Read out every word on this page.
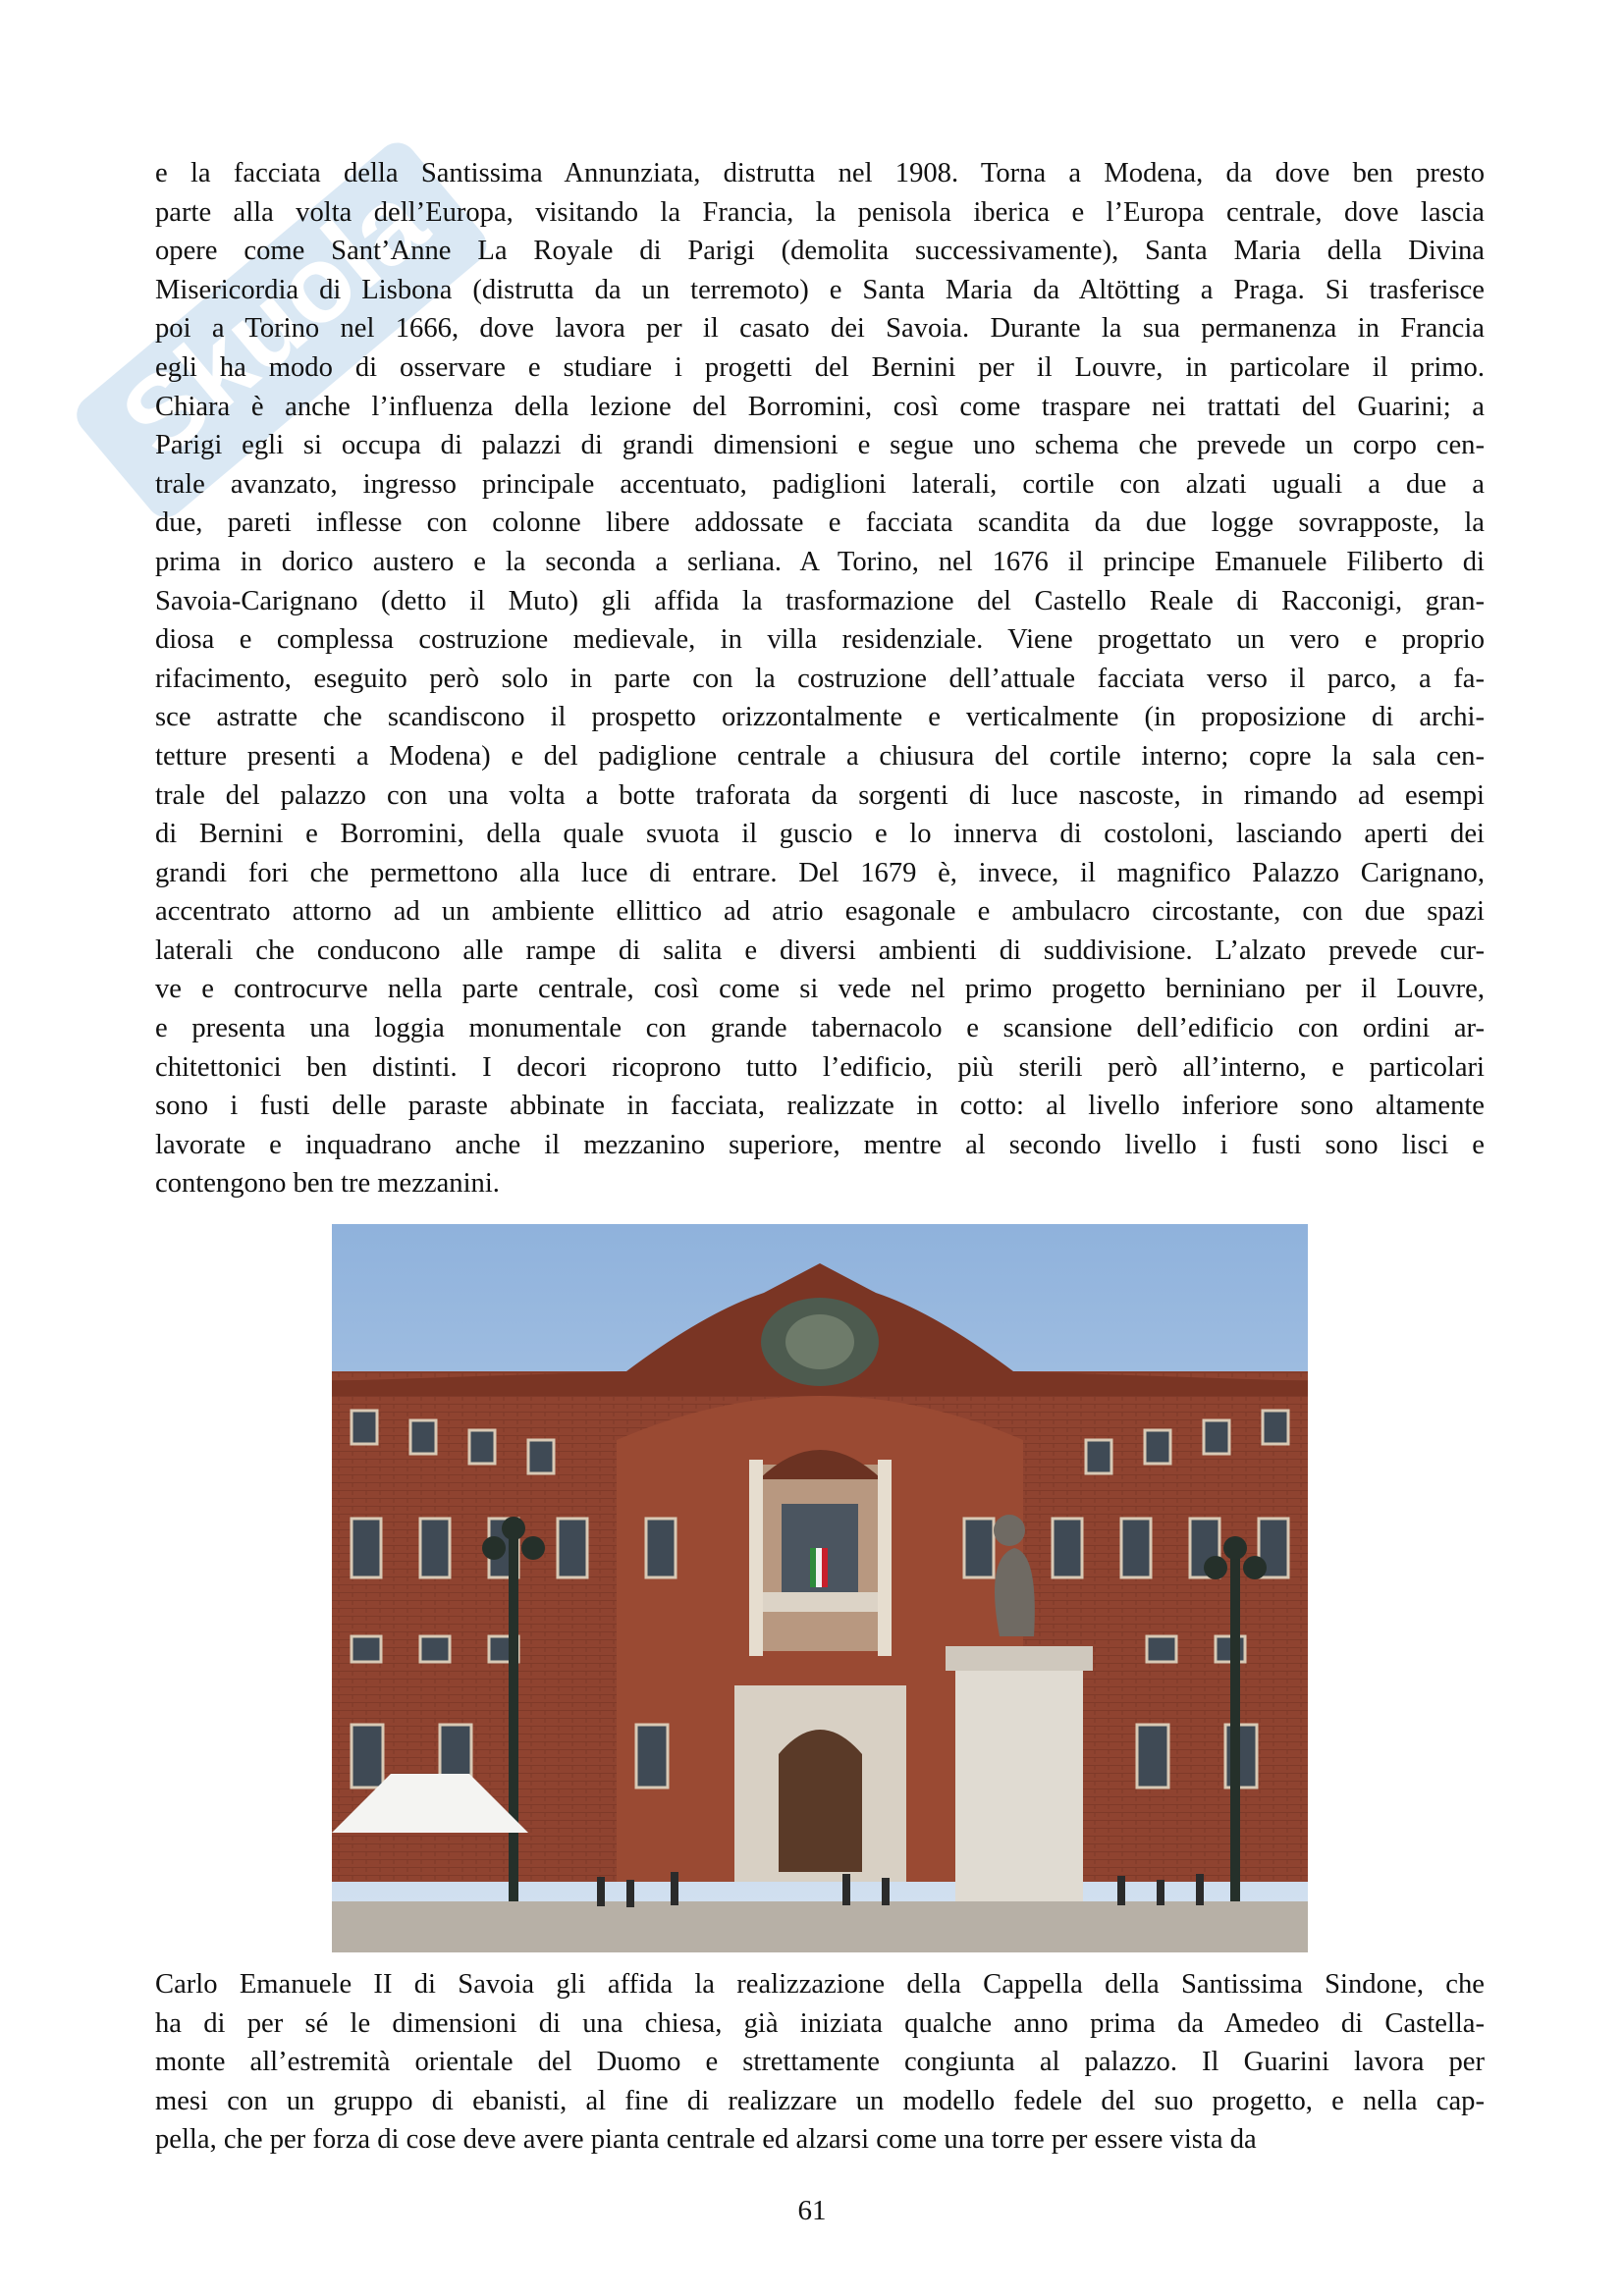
Skuola
e la facciata della Santissima Annunziata, distrutta nel 1908. Torna a Modena, da dove ben presto
parte alla volta dell’Europa, visitando la Francia, la penisola iberica e l’Europa centrale, dove lascia
opere come Sant’Anne La Royale di Parigi (demolita successivamente), Santa Maria della Divina
Misericordia di Lisbona (distrutta da un terremoto) e Santa Maria da Altötting a Praga. Si trasferisce
poi a Torino nel 1666, dove lavora per il casato dei Savoia. Durante la sua permanenza in Francia
egli ha modo di osservare e studiare i progetti del Bernini per il Louvre, in particolare il primo.
Chiara è anche l’influenza della lezione del Borromini, così come traspare nei trattati del Guarini; a
Parigi egli si occupa di palazzi di grandi dimensioni e segue uno schema che prevede un corpo cen-
trale avanzato, ingresso principale accentuato, padiglioni laterali, cortile con alzati uguali a due a
due, pareti inflesse con colonne libere addossate e facciata scandita da due logge sovrapposte, la
prima in dorico austero e la seconda a serliana. A Torino, nel 1676 il principe Emanuele Filiberto di
Savoia-Carignano (detto il Muto) gli affida la trasformazione del Castello Reale di Racconigi, gran-
diosa e complessa costruzione medievale, in villa residenziale. Viene progettato un vero e proprio
rifacimento, eseguito però solo in parte con la costruzione dell’attuale facciata verso il parco, a fa-
sce astratte che scandiscono il prospetto orizzontalmente e verticalmente (in proposizione di archi-
tetture presenti a Modena) e del padiglione centrale a chiusura del cortile interno; copre la sala cen-
trale del palazzo con una volta a botte traforata da sorgenti di luce nascoste, in rimando ad esempi
di Bernini e Borromini, della quale svuota il guscio e lo innerva di costoloni, lasciando aperti dei
grandi fori che permettono alla luce di entrare. Del 1679 è, invece, il magnifico Palazzo Carignano,
accentrato attorno ad un ambiente ellittico ad atrio esagonale e ambulacro circostante, con due spazi
laterali che conducono alle rampe di salita e diversi ambienti di suddivisione. L’alzato prevede cur-
ve e controcurve nella parte centrale, così come si vede nel primo progetto berniniano per il Louvre,
e presenta una loggia monumentale con grande tabernacolo e scansione dell’edificio con ordini ar-
chitettonici ben distinti. I decori ricoprono tutto l’edificio, più sterili però all’interno, e particolari
sono i fusti delle paraste abbinate in facciata, realizzate in cotto: al livello inferiore sono altamente
lavorate e inquadrano anche il mezzanino superiore, mentre al secondo livello i fusti sono lisci e
contengono ben tre mezzanini.
Carlo Emanuele II di Savoia gli affida la realizzazione della Cappella della Santissima Sindone, che
ha di per sé le dimensioni di una chiesa, già iniziata qualche anno prima da Amedeo di Castella-
monte all’estremità orientale del Duomo e strettamente congiunta al palazzo. Il Guarini lavora per
mesi con un gruppo di ebanisti, al fine di realizzare un modello fedele del suo progetto, e nella cap-
pella, che per forza di cose deve avere pianta centrale ed alzarsi come una torre per essere vista da
61
